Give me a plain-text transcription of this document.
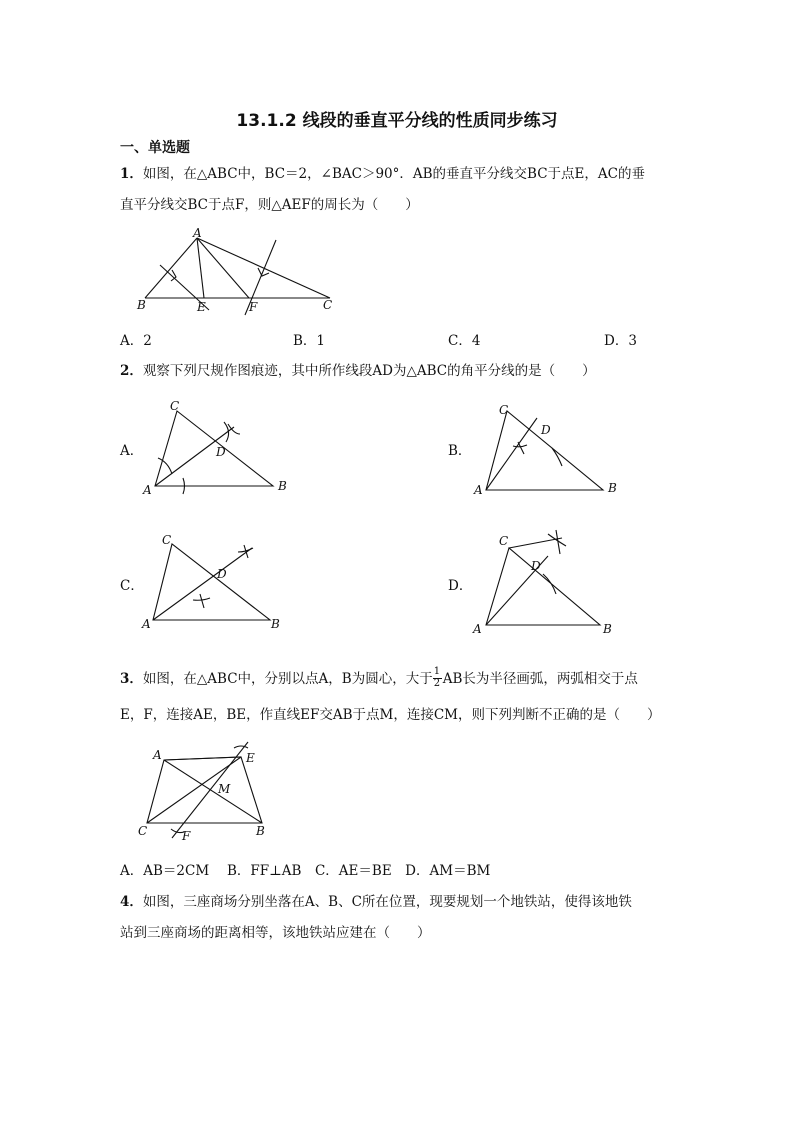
13.1.2 线段的垂直平分线的性质同步练习
一、单选题
1．如图，在△ABC中，BC＝2，∠BAC＞90°．AB的垂直平分线交BC于点E，AC的垂
直平分线交BC于点F，则△AEF的周长为（　　）
A
B	E	F	C
A．2	B．1	C．4	D．3
2．观察下列尺规作图痕迹，其中所作线段AD为△ABC的角平分线的是（　　）
A．	B．
C．	D．
C
D
A	B
C
D
A	B
C
D
A	B
C
D
A	B
3．如图，在△ABC中，分别以点A，B为圆心，大于 $\frac{1}{2}$ AB长为半径画弧，两弧相交于点
E，F，连接AE，BE，作直线EF交AB于点M，连接CM，则下列判断不正确的是（　　）
A	E
M
C	F	B
A．AB＝2CM　 B．FF⊥AB　C．AE＝BE　D．AM＝BM
4．如图，三座商场分别坐落在A、B、C所在位置，现要规划一个地铁站，使得该地铁
站到三座商场的距离相等，该地铁站应建在（　　）
